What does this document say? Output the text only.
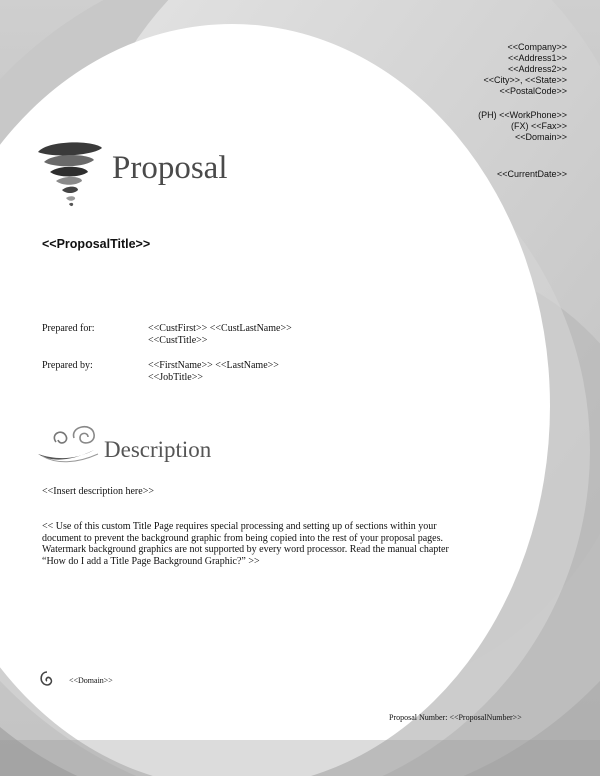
<<Company>>
<<Address1>>
<<Address2>>
<<City>>, <<State>>
<<PostalCode>>
(PH) <<WorkPhone>>
(FX) <<Fax>>
<<Domain>>
<<CurrentDate>>
Proposal
<<ProposalTitle>>
Prepared for:	<<CustFirst>> <<CustLastName>>
<<CustTitle>>
Prepared by:	<<FirstName>> <<LastName>>
<<JobTitle>>
Description
<<Insert description here>>
<< Use of this custom Title Page requires special processing and setting up of sections within your document to prevent the background graphic from being copied into the rest of your proposal pages. Watermark background graphics are not supported by every word processor. Read the manual chapter “How do I add a Title Page Background Graphic?” >>
<<Domain>>
Proposal Number: <<ProposalNumber>>
